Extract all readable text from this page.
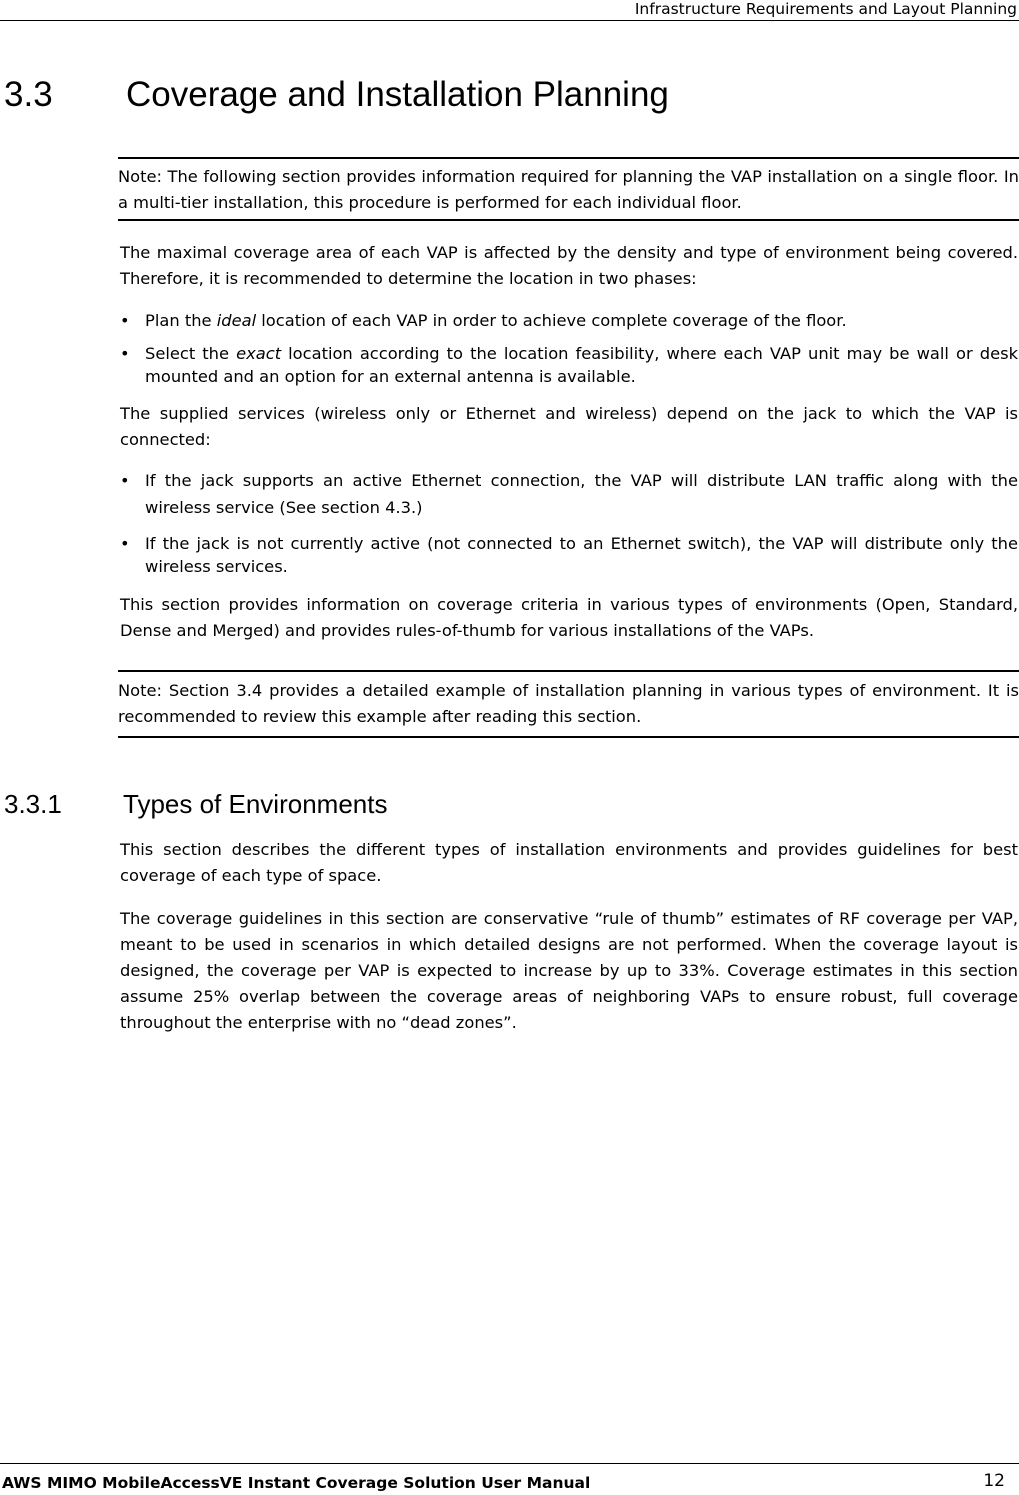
Infrastructure Requirements and Layout Planning
3.3 Coverage and Installation Planning

Note: The following section provides information required for planning the VAP installation on a single floor. In a multi-tier installation, this procedure is performed for each individual floor.

The maximal coverage area of each VAP is affected by the density and type of environment being covered. Therefore, it is recommended to determine the location in two phases:

• Plan the ideal location of each VAP in order to achieve complete coverage of the floor.
• Select the exact location according to the location feasibility, where each VAP unit may be wall or desk mounted and an option for an external antenna is available.

The supplied services (wireless only or Ethernet and wireless) depend on the jack to which the VAP is connected:

• If the jack supports an active Ethernet connection, the VAP will distribute LAN traffic along with the wireless service (See section 4.3.)
• If the jack is not currently active (not connected to an Ethernet switch), the VAP will distribute only the wireless services.

This section provides information on coverage criteria in various types of environments (Open, Standard, Dense and Merged) and provides rules-of-thumb for various installations of the VAPs.

Note: Section 3.4 provides a detailed example of installation planning in various types of environment. It is recommended to review this example after reading this section.

3.3.1 Types of Environments

This section describes the different types of installation environments and provides guidelines for best coverage of each type of space.

The coverage guidelines in this section are conservative “rule of thumb” estimates of RF coverage per VAP, meant to be used in scenarios in which detailed designs are not performed. When the coverage layout is designed, the coverage per VAP is expected to increase by up to 33%. Coverage estimates in this section assume 25% overlap between the coverage areas of neighboring VAPs to ensure robust, full coverage throughout the enterprise with no “dead zones”.

AWS MIMO MobileAccessVE Instant Coverage Solution User Manual	12
